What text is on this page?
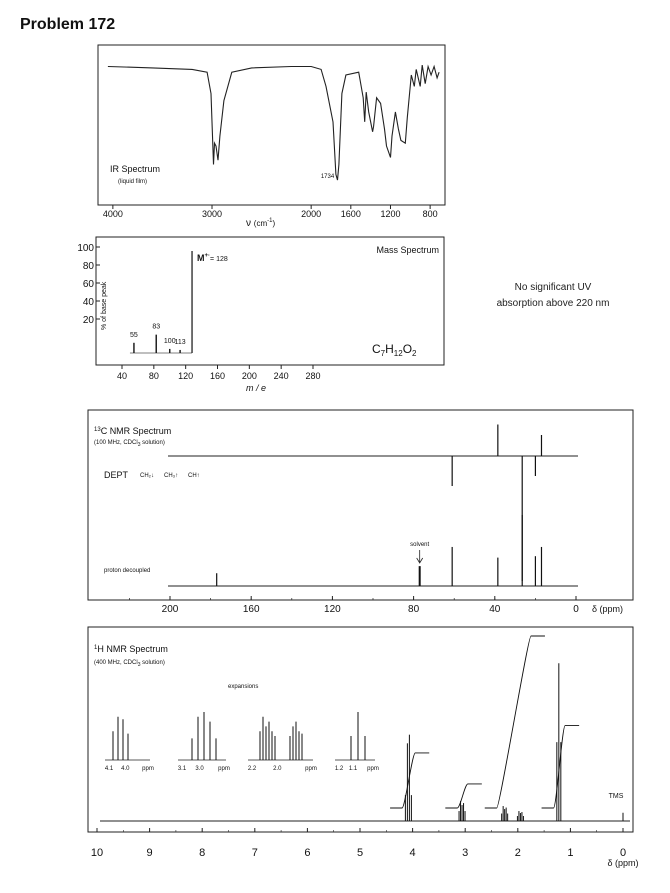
Problem 172
No significant UV
absorption above 220 nm
IR Spectrum
(liquid film)
1734
4000	3000	2000 1600 1200 800
ν ($cm^{-1}_)$
Mass Spectrum
% of base peak
100
80
60
40
20
40 80 120 160 200 240 280
55
83
100
113
$M^{+\cdot}_{= 128}$
$C_7H_{12}O_2$
m / e
$^{13}$C NMR Spectrum
(100 MHz, CDCl$_3$ solution)
DEPT CH₂↓ CH₃↑ CH↑
proton decoupled
solvent
200	160	120	80	40	0 δ (ppm)
$^1$H NMR Spectrum
(400 MHz, CDCl$_3$ solution)
expansions
4.1 4.0 ppm	3.1 3.0 ppm	2.2	2.0	ppm	1.2 1.1 ppm
TMS
10	9	8	7	6	5	4	3	2	1	0
δ (ppm)
